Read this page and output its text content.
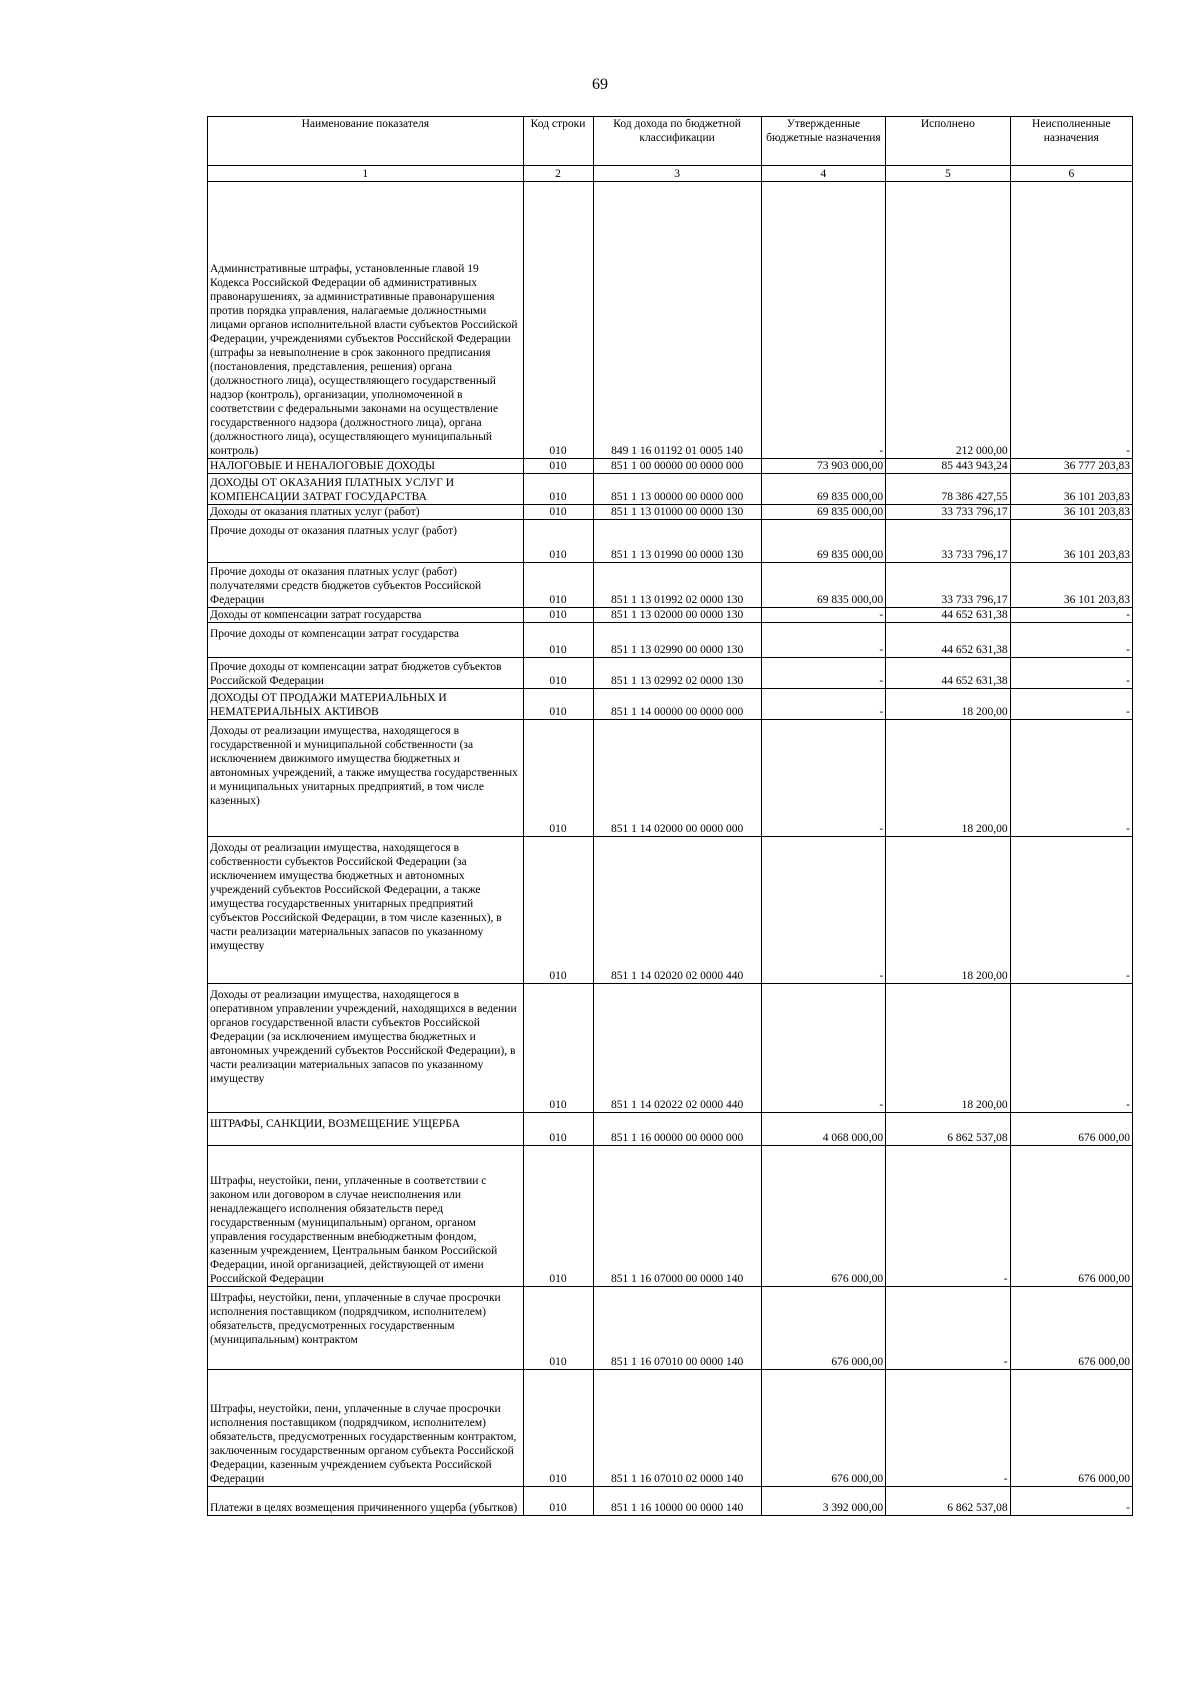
69
Наименование показателя	Код строки	Код дохода по бюджетной классификации	Утвержденные бюджетные назначения	Исполнено	Неисполненные назначения
1	2	3	4	5	6
Административные штрафы, установленные главой 19 Кодекса Российской Федерации об административных правонарушениях, за административные правонарушения против порядка управления, налагаемые должностными лицами органов исполнительной власти субъектов Российской Федерации, учреждениями субъектов Российской Федерации (штрафы за невыполнение в срок законного предписания (постановления, представления, решения) органа (должностного лица), осуществляющего государственный надзор (контроль), организации, уполномоченной в соответствии с федеральными законами на осуществление государственного надзора (должностного лица), органа (должностного лица), осуществляющего муниципальный контроль)	010	849 1 16 01192 01 0005 140	-	212 000,00	-
НАЛОГОВЫЕ И НЕНАЛОГОВЫЕ ДОХОДЫ	010	851 1 00 00000 00 0000 000	73 903 000,00	85 443 943,24	36 777 203,83
ДОХОДЫ ОТ ОКАЗАНИЯ ПЛАТНЫХ УСЛУГ И КОМПЕНСАЦИИ ЗАТРАТ ГОСУДАРСТВА	010	851 1 13 00000 00 0000 000	69 835 000,00	78 386 427,55	36 101 203,83
Доходы от оказания платных услуг (работ)	010	851 1 13 01000 00 0000 130	69 835 000,00	33 733 796,17	36 101 203,83
Прочие доходы от оказания платных услуг (работ)	010	851 1 13 01990 00 0000 130	69 835 000,00	33 733 796,17	36 101 203,83
Прочие доходы от оказания платных услуг (работ) получателями средств бюджетов субъектов Российской Федерации	010	851 1 13 01992 02 0000 130	69 835 000,00	33 733 796,17	36 101 203,83
Доходы от компенсации затрат государства	010	851 1 13 02000 00 0000 130	-	44 652 631,38	-
Прочие доходы от компенсации затрат государства	010	851 1 13 02990 00 0000 130	-	44 652 631,38	-
Прочие доходы от компенсации затрат бюджетов субъектов Российской Федерации	010	851 1 13 02992 02 0000 130	-	44 652 631,38	-
ДОХОДЫ ОТ ПРОДАЖИ МАТЕРИАЛЬНЫХ И НЕМАТЕРИАЛЬНЫХ АКТИВОВ	010	851 1 14 00000 00 0000 000	-	18 200,00	-
Доходы от реализации имущества, находящегося в государственной и муниципальной собственности (за исключением движимого имущества бюджетных и автономных учреждений, а также имущества государственных и муниципальных унитарных предприятий, в том числе казенных)	010	851 1 14 02000 00 0000 000	-	18 200,00	-
Доходы от реализации имущества, находящегося в собственности субъектов Российской Федерации (за исключением имущества бюджетных и автономных учреждений субъектов Российской Федерации, а также имущества государственных унитарных предприятий субъектов Российской Федерации, в том числе казенных), в части реализации материальных запасов по указанному имуществу	010	851 1 14 02020 02 0000 440	-	18 200,00	-
Доходы от реализации имущества, находящегося в оперативном управлении учреждений, находящихся в ведении органов государственной власти субъектов Российской Федерации (за исключением имущества бюджетных и автономных учреждений субъектов Российской Федерации), в части реализации материальных запасов по указанному имуществу	010	851 1 14 02022 02 0000 440	-	18 200,00	-
ШТРАФЫ, САНКЦИИ, ВОЗМЕЩЕНИЕ УЩЕРБА	010	851 1 16 00000 00 0000 000	4 068 000,00	6 862 537,08	676 000,00
Штрафы, неустойки, пени, уплаченные в соответствии с законом или договором в случае неисполнения или ненадлежащего исполнения обязательств перед государственным (муниципальным) органом, органом управления государственным внебюджетным фондом, казенным учреждением, Центральным банком Российской Федерации, иной организацией, действующей от имени Российской Федерации	010	851 1 16 07000 00 0000 140	676 000,00	-	676 000,00
Штрафы, неустойки, пени, уплаченные в случае просрочки исполнения поставщиком (подрядчиком, исполнителем) обязательств, предусмотренных государственным (муниципальным) контрактом	010	851 1 16 07010 00 0000 140	676 000,00	-	676 000,00
Штрафы, неустойки, пени, уплаченные в случае просрочки исполнения поставщиком (подрядчиком, исполнителем) обязательств, предусмотренных государственным контрактом, заключенным государственным органом субъекта Российской Федерации, казенным учреждением субъекта Российской Федерации	010	851 1 16 07010 02 0000 140	676 000,00	-	676 000,00
Платежи в целях возмещения причиненного ущерба (убытков)	010	851 1 16 10000 00 0000 140	3 392 000,00	6 862 537,08	-
